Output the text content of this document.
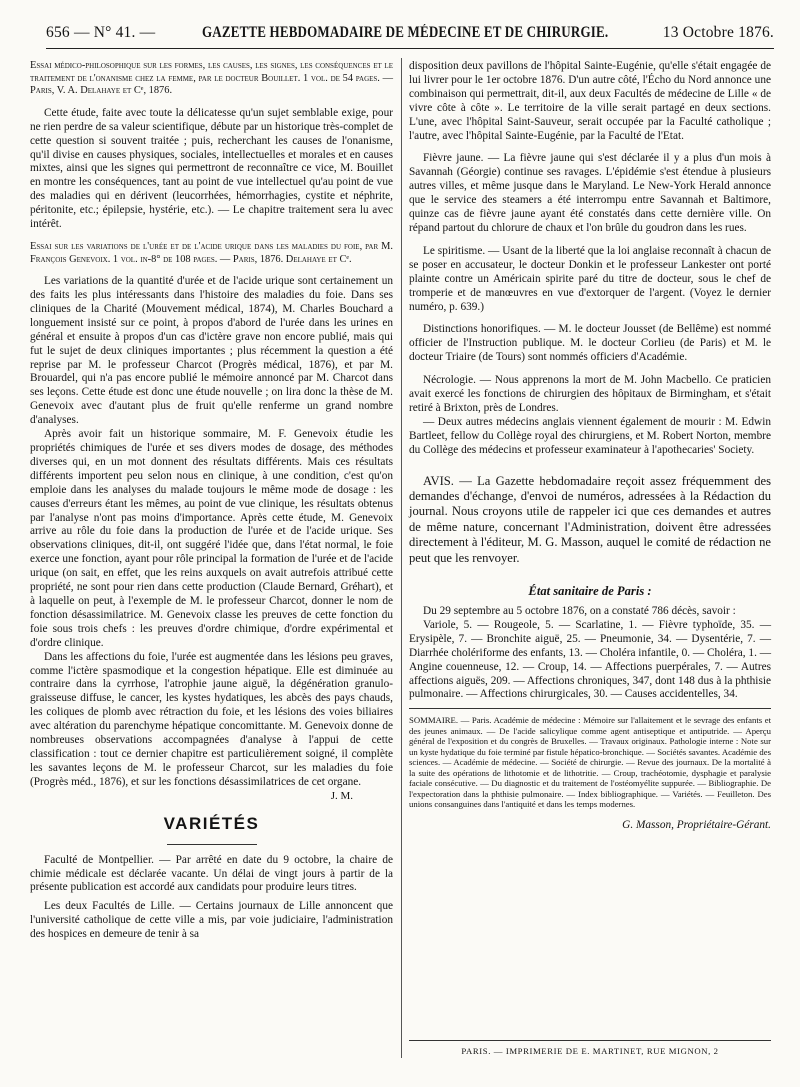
656 — N° 41. —	GAZETTE HEBDOMADAIRE DE MÉDECINE ET DE CHIRURGIE.	13 Octobre 1876.

Essai médico-philosophique sur les formes, les causes, les signes, les conséquences et le traitement de l'onanisme chez la femme, par le docteur Bouillet. 1 vol. de 54 pages. —Paris, V. A. Delahaye et Cᵉ, 1876.

Cette étude, faite avec toute la délicatesse qu'un sujet semblable exige, pour ne rien perdre de sa valeur scientifique, débute par un historique très-complet de cette question si souvent traitée ; puis, recherchant les causes de l'onanisme, qu'il divise en causes physiques, sociales, intellectuelles et morales et en causes mixtes, ainsi que les signes qui permettront de reconnaître ce vice, M. Bouillet en montre les conséquences, tant au point de vue intellectuel qu'au point de vue des maladies qui en dérivent (leucorrhées, hémorrhagies, cystite et néphrite, péritonite, etc.; épilepsie, hystérie, etc.). — Le chapitre traitement sera lu avec intérêt.

Essai sur les variations de l'urée et de l'acide urique dans les maladies du foie, par M. François Genevoix. 1 vol. in-8° de 108 pages. — Paris, 1876. Delahaye et Cᵉ.

Les variations de la quantité d'urée et de l'acide urique sont certainement un des faits les plus intéressants dans l'histoire des maladies du foie. Dans ses cliniques de la Charité (Mouvement médical, 1874), M. Charles Bouchard a longuement insisté sur ce point, à propos d'abord de l'urée dans les urines en général et ensuite à propos d'un cas d'ictère grave non encore publié, mais qui fut le sujet de deux cliniques importantes ; plus récemment la question a été reprise par M. le professeur Charcot (Progrès médical, 1876), et par M. Brouardel, qui n'a pas encore publié le mémoire annoncé par M. Charcot dans ses leçons. Cette étude est donc une étude nouvelle ; on lira donc la thèse de M. Genevoix avec d'autant plus de fruit qu'elle renferme un grand nombre d'analyses.

Après avoir fait un historique sommaire, M. F. Genevoix étudie les propriétés chimiques de l'urée et ses divers modes de dosage, des méthodes diverses qui, en un mot donnent des résultats différents. Mais ces résultats différents importent peu selon nous en clinique, à une condition, c'est qu'on emploie dans les analyses du malade toujours le même mode de dosage : les causes d'erreurs étant les mêmes, au point de vue clinique, les résultats obtenus par l'analyse n'ont pas moins d'importance. Après cette étude, M. Genevoix arrive au rôle du foie dans la production de l'urée et de l'acide urique. Ses observations cliniques, dit-il, ont suggéré l'idée que, dans l'état normal, le foie exerce une fonction, ayant pour rôle principal la formation de l'urée et de l'acide urique (on sait, en effet, que les reins auxquels on avait autrefois attribué cette propriété, ne sont pour rien dans cette production (Claude Bernard, Gréhart), et à laquelle on peut, à l'exemple de M. le professeur Charcot, donner le nom de fonction désassimilatrice. M. Genevoix classe les preuves de cette fonction du foie sous trois chefs : les preuves d'ordre chimique, d'ordre expérimental et d'ordre clinique.

Dans les affections du foie, l'urée est augmentée dans les lésions peu graves, comme l'ictère spasmodique et la congestion hépatique. Elle est diminuée au contraire dans la cyrrhose, l'atrophie jaune aiguë, la dégénération granulo-graisseuse diffuse, le cancer, les kystes hydatiques, les abcès des pays chauds, les coliques de plomb avec rétraction du foie, et les lésions des voies biliaires avec altération du parenchyme hépatique concomittante. M. Genevoix donne de nombreuses observations accompagnées d'analyse à l'appui de cette classification : tout ce dernier chapitre est particulièrement soigné, il complète les savantes leçons de M. le professeur Charcot, sur les maladies du foie (Progrès méd., 1876), et sur les fonctions désassimilatrices de cet organe.

J. M.

VARIÉTÉS

Faculté de Montpellier. — Par arrêté en date du 9 octobre, la chaire de chimie médicale est déclarée vacante. Un délai de vingt jours à partir de la présente publication est accordé aux candidats pour produire leurs titres.

Les deux Facultés de Lille. — Certains journaux de Lille annoncent que l'université catholique de cette ville a mis, par voie judiciaire, l'administration des hospices en demeure de tenir à sa

disposition deux pavillons de l'hôpital Sainte-Eugénie, qu'elle s'était engagée de lui livrer pour le 1er octobre 1876. D'un autre côté, l'Écho du Nord annonce une combinaison qui permettrait, dit-il, aux deux Facultés de médecine de Lille « de vivre côte à côte ». Le territoire de la ville serait partagé en deux sections. L'une, avec l'hôpital Saint-Sauveur, serait occupée par la Faculté catholique ; l'autre, avec l'hôpital Sainte-Eugénie, par la Faculté de l'Etat.

Fièvre jaune. — La fièvre jaune qui s'est déclarée il y a plus d'un mois à Savannah (Géorgie) continue ses ravages. L'épidémie s'est étendue à plusieurs autres villes, et même jusque dans le Maryland. Le New-York Herald annonce que le service des steamers a été interrompu entre Savannah et Baltimore, quinze cas de fièvre jaune ayant été constatés dans cette dernière ville. On répand partout du chlorure de chaux et l'on brûle du goudron dans les rues.

Le spiritisme. — Usant de la liberté que la loi anglaise reconnaît à chacun de se poser en accusateur, le docteur Donkin et le professeur Lankester ont porté plainte contre un Américain spirite paré du titre de docteur, sous le chef de tromperie et de manœuvres en vue d'extorquer de l'argent. (Voyez le dernier numéro, p. 639.)

Distinctions honorifiques. — M. le docteur Jousset (de Bellême) est nommé officier de l'Instruction publique. M. le docteur Corlieu (de Paris) et M. le docteur Triaire (de Tours) sont nommés officiers d'Académie.

Nécrologie. — Nous apprenons la mort de M. John Macbello. Ce praticien avait exercé les fonctions de chirurgien des hôpitaux de Birmingham, et s'était retiré à Brixton, près de Londres.

— Deux autres médecins anglais viennent également de mourir : M. Edwin Bartleet, fellow du Collège royal des chirurgiens, et M. Robert Norton, membre du Collège des médecins et professeur examinateur à l'apothecaries' Society.

AVIS. — La Gazette hebdomadaire reçoit assez fréquemment des demandes d'échange, d'envoi de numéros, adressées à la Rédaction du journal. Nous croyons utile de rappeler ici que ces demandes et autres de même nature, concernant l'Administration, doivent être adressées directement à l'éditeur, M. G. Masson, auquel le comité de rédaction ne peut que les renvoyer.

État sanitaire de Paris :

Du 29 septembre au 5 octobre 1876, on a constaté 786 décès, savoir :

Variole, 5. — Rougeole, 5. — Scarlatine, 1. — Fièvre typhoïde, 35. — Erysipèle, 7. — Bronchite aiguë, 25. — Pneumonie, 34. — Dysentérie, 7. — Diarrhée cholériforme des enfants, 13. — Choléra infantile, 0. — Choléra, 1. — Angine couenneuse, 12. — Croup, 14. — Affections puerpérales, 7. — Autres affections aiguës, 209. — Affections chroniques, 347, dont 148 dus à la phthisie pulmonaire. — Affections chirurgicales, 30. — Causes accidentelles, 34.

SOMMAIRE. — Paris. Académie de médecine : Mémoire sur l'allaitement et le sevrage des enfants et des jeunes animaux. — De l'acide salicylique comme agent antiseptique et antiputride. — Aperçu général de l'exposition et du congrès de Bruxelles. — Travaux originaux. Pathologie interne : Note sur un kyste hydatique du foie terminé par fistule hépatico-bronchique. — Sociétés savantes. Académie des sciences. — Académie de médecine. — Société de chirurgie. — Revue des journaux. De la mortalité à la suite des opérations de lithotomie et de lithotritie. — Croup, trachéotomie, dysphagie et paralysie faciale consécutive. — Du diagnostic et du traitement de l'ostéomyélite suppurée. — Bibliographie. De l'expectoration dans la phthisie pulmonaire. — Index bibliographique. — Variétés. — Feuilleton. Des unions consanguines dans l'antiquité et dans les temps modernes.

G. Masson, Propriétaire-Gérant.

PARIS. — IMPRIMERIE DE E. MARTINET, RUE MIGNON, 2
